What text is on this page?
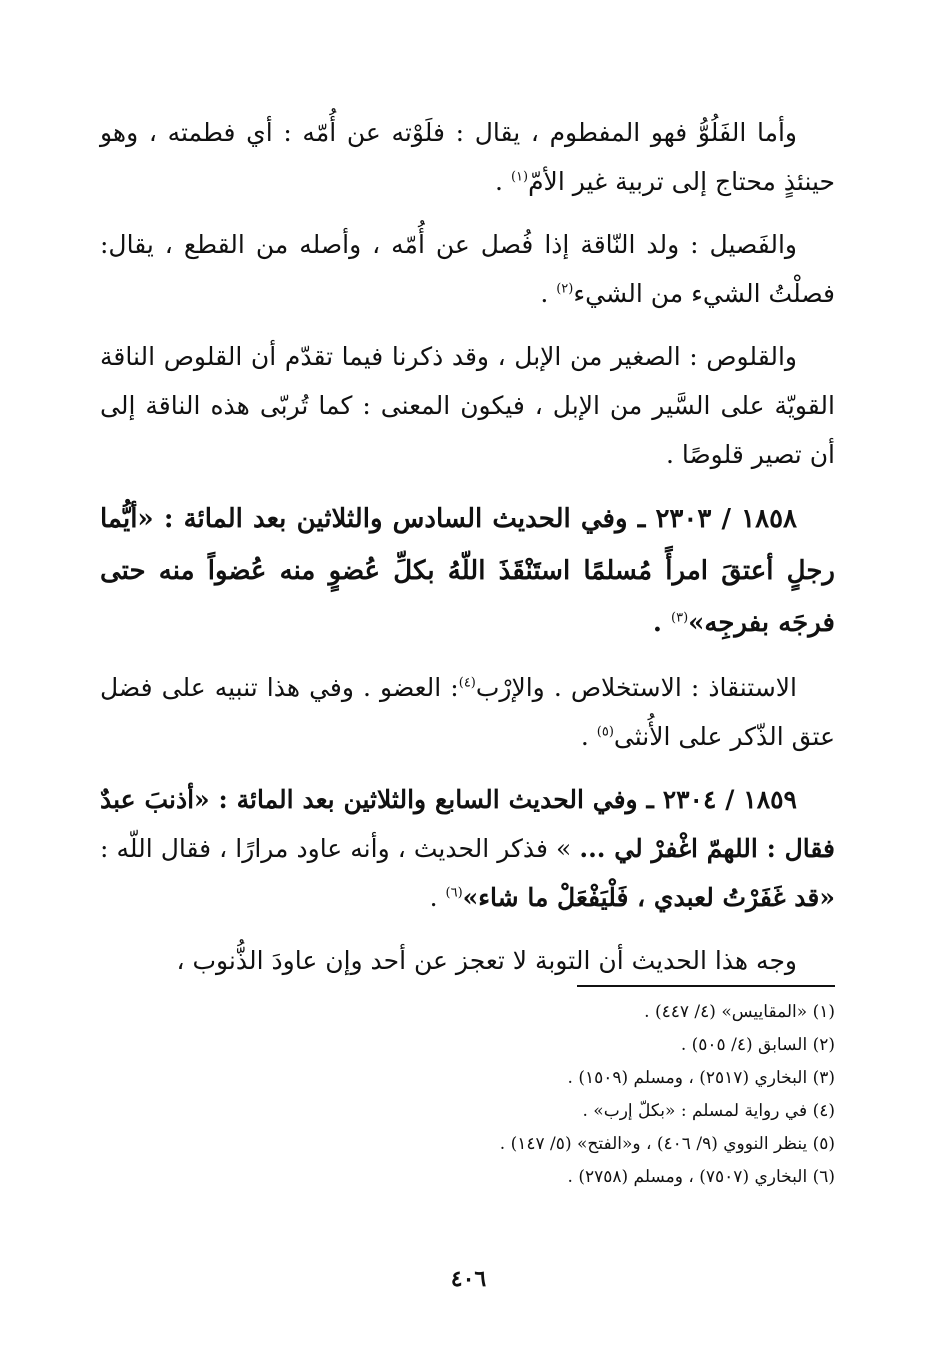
وأما الفَلُوُّ فهو المفطوم ، يقال : فلَوْته عن أُمّه : أي فطمته ، وهو حينئذٍ محتاج إلى تربية غير الأمّ$^{(١)}$ .

والفَصيل : ولد النّاقة إذا فُصل عن أُمّه ، وأصله من القطع ، يقال: فصلْتُ الشيء من الشيء$^{(٢)}$ .

والقلوص : الصغير من الإبل ، وقد ذكرنا فيما تقدّم أن القلوص الناقة القويّة على السَّير من الإبل ، فيكون المعنى : كما تُربّى هذه الناقة إلى أن تصير قلوصًا .

١٨٥٨ / ٢٣٠٣ ـ وفي الحديث السادس والثلاثين بعد المائة : «أيُّما رجلٍ أعتقَ امرأً مُسلمًا استَنْقَذَ اللّهُ بكلِّ عُضوٍ منه عُضواً منه حتى فرجَه بفرجِه»$^{(٣)}$ .

الاستنقاذ : الاستخلاص . والإرْب$^{(٤)}$: العضو . وفي هذا تنبيه على فضل عتق الذّكر على الأُنثى$^{(٥)}$ .

١٨٥٩ / ٢٣٠٤ ـ وفي الحديث السابع والثلاثين بعد المائة : «أذنبَ عبدٌ فقال : اللهمّ اغْفرْ لي ... » فذكر الحديث ، وأنه عاود مرارًا ، فقال اللّه : «قد غَفَرْتُ لعبدي ، فَلْيَفْعَلْ ما شاء»$^{(٦)}$ .

وجه هذا الحديث أن التوبة لا تعجز عن أحد وإن عاودَ الذُّنوب ،

(١) «المقاييس» (٤/ ٤٤٧) .

(٢) السابق (٤/ ٥٠٥) .

(٣) البخاري (٢٥١٧) ، ومسلم (١٥٠٩) .

(٤) في رواية لمسلم : «بكلّ إرب» .

(٥) ينظر النووي (٩/ ٤٠٦) ، و«الفتح» (٥/ ١٤٧) .

(٦) البخاري (٧٥٠٧) ، ومسلم (٢٧٥٨) .

٤٠٦
